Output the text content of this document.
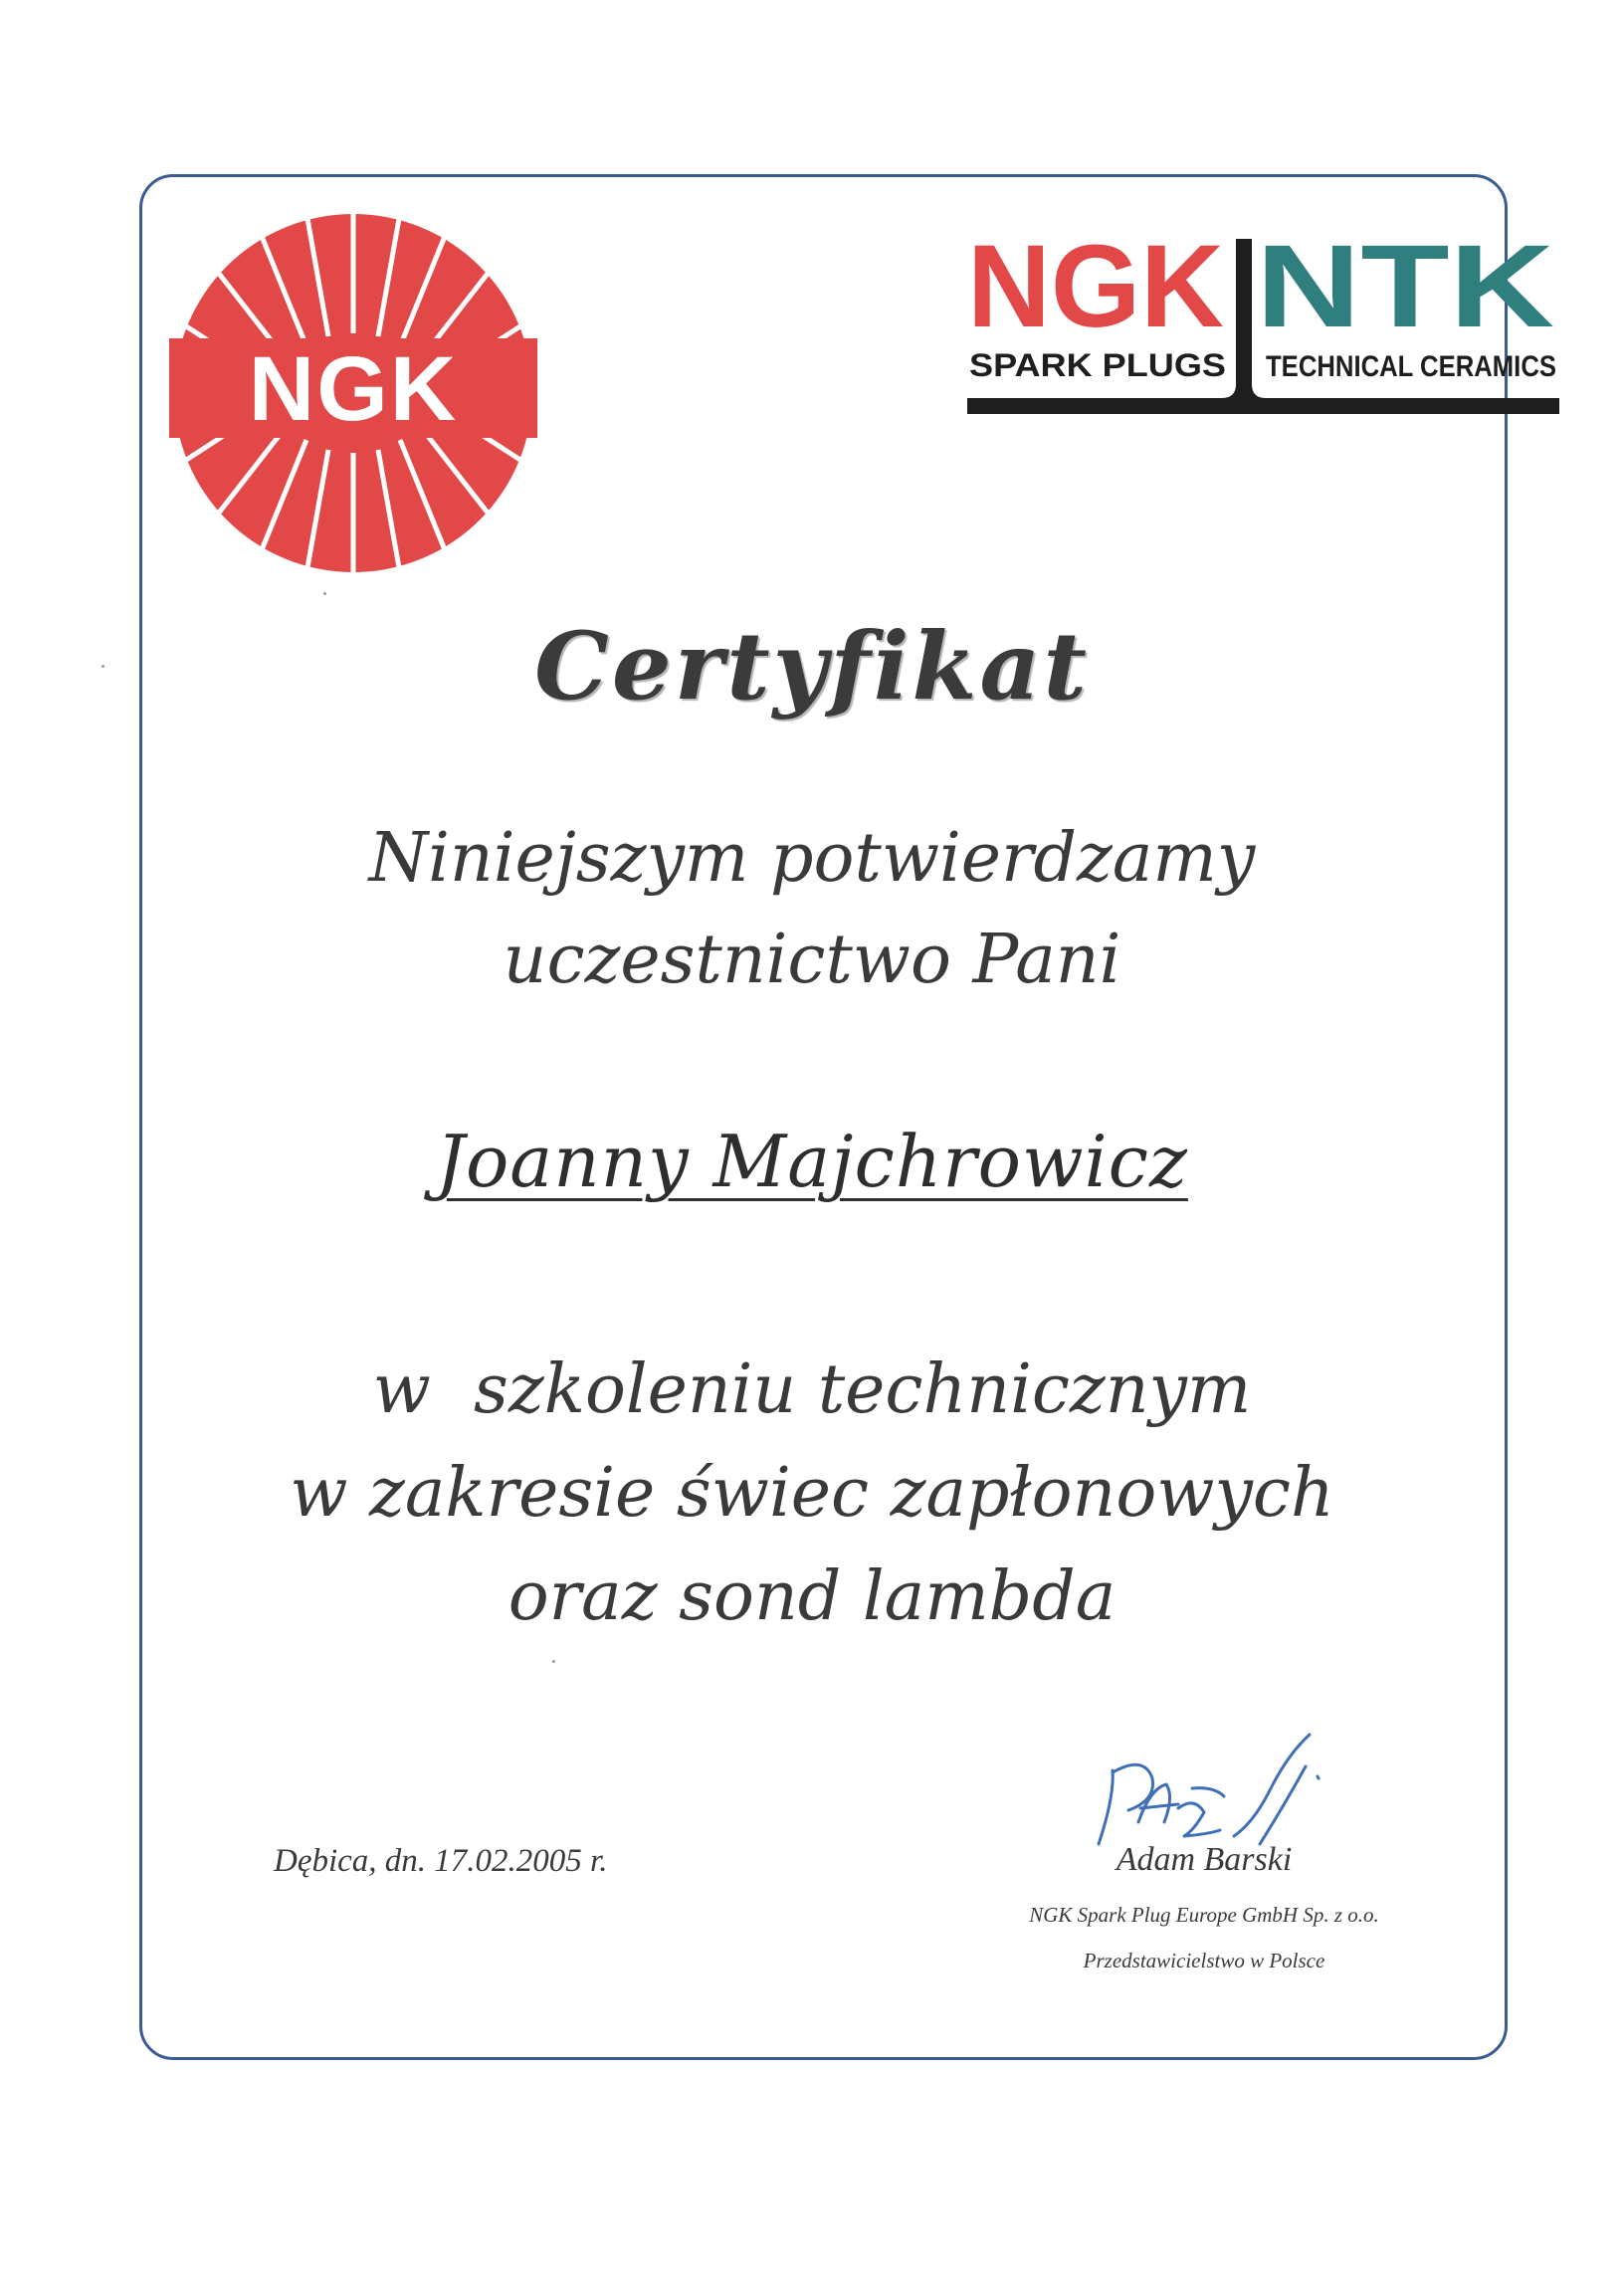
NGK
NGK NTK
SPARK PLUGS TECHNICAL CERAMICS
Certyfikat
Niniejszym potwierdzamy
uczestnictwo Pani
Joanny Majchrowicz
w  szkoleniu technicznym
w zakresie świec zapłonowych
oraz sond lambda
Dębica, dn. 17.02.2005 r.	Adam Barski
NGK Spark Plug Europe GmbH Sp. z o.o.
Przedstawicielstwo w Polsce
